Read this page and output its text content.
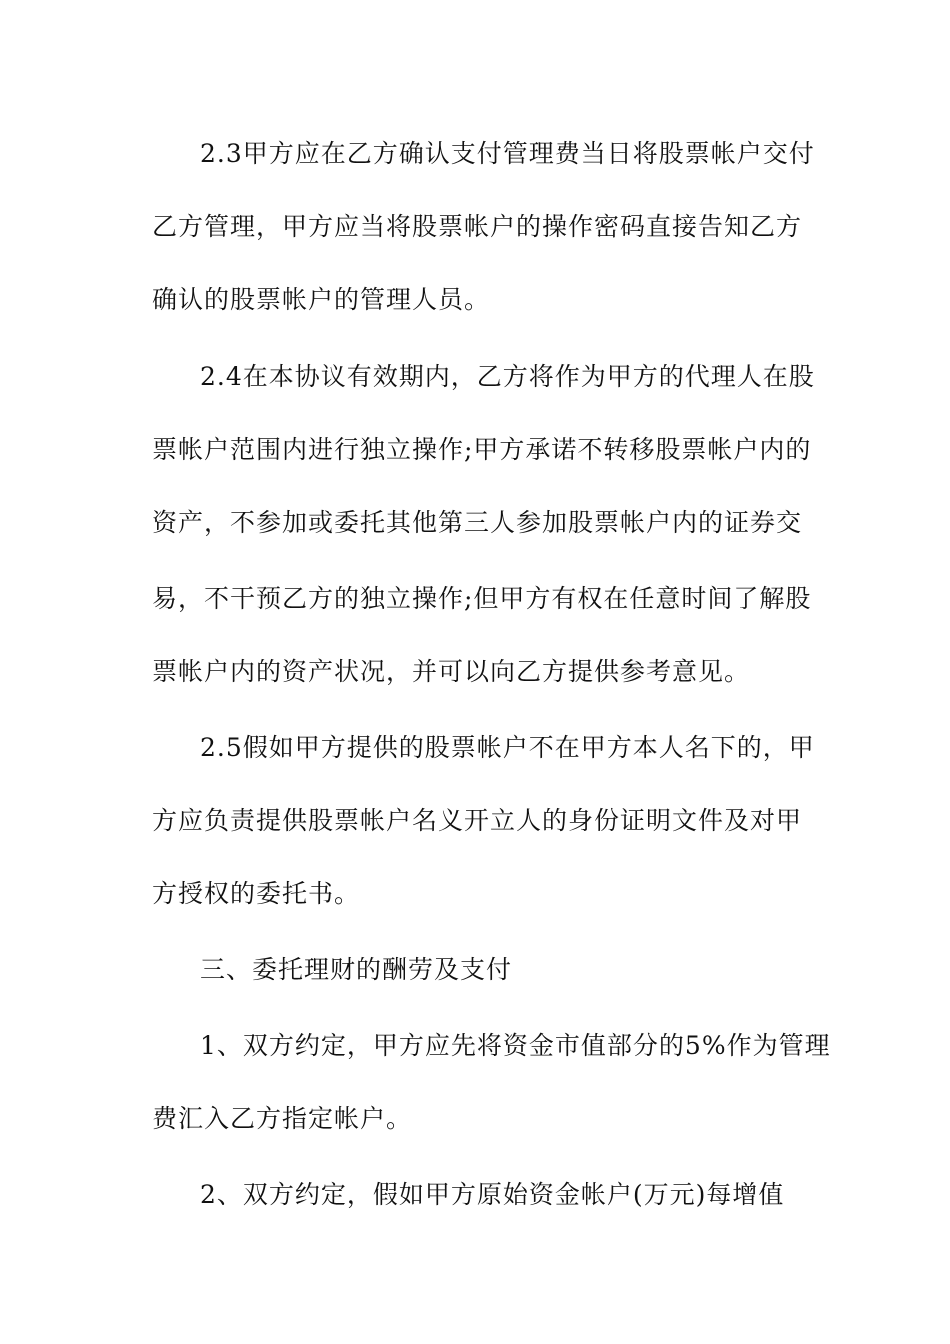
2.3甲方应在乙方确认支付管理费当日将股票帐户交付
乙方管理，甲方应当将股票帐户的操作密码直接告知乙方
确认的股票帐户的管理人员。
2.4在本协议有效期内，乙方将作为甲方的代理人在股
票帐户范围内进行独立操作;甲方承诺不转移股票帐户内的
资产，不参加或委托其他第三人参加股票帐户内的证券交
易，不干预乙方的独立操作;但甲方有权在任意时间了解股
票帐户内的资产状况，并可以向乙方提供参考意见。
2.5假如甲方提供的股票帐户不在甲方本人名下的，甲
方应负责提供股票帐户名义开立人的身份证明文件及对甲
方授权的委托书。
三、委托理财的酬劳及支付
1、双方约定，甲方应先将资金市值部分的5%作为管理
费汇入乙方指定帐户。
2、双方约定，假如甲方原始资金帐户(万元)每增值
